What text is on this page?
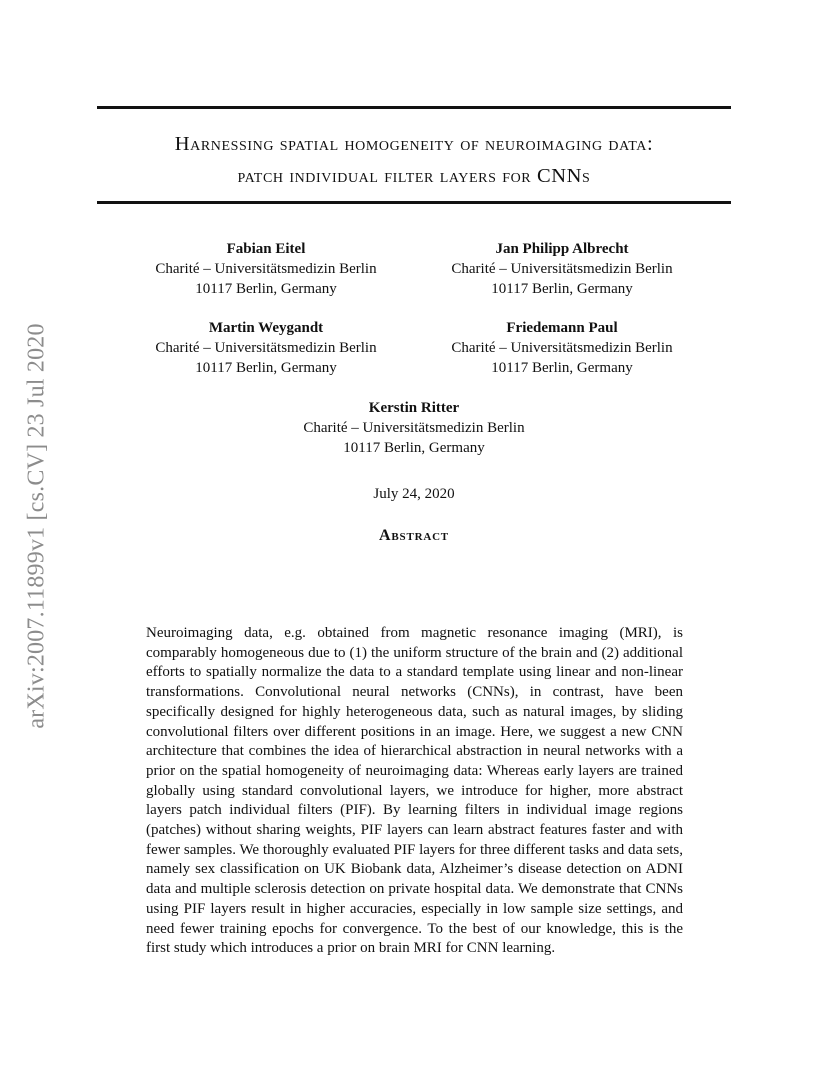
arXiv:2007.11899v1 [cs.CV] 23 Jul 2020
Harnessing spatial homogeneity of neuroimaging data:
patch individual filter layers for CNNs
Fabian Eitel
Charité – Universitätsmedizin Berlin
10117 Berlin, Germany
Jan Philipp Albrecht
Charité – Universitätsmedizin Berlin
10117 Berlin, Germany
Martin Weygandt
Charité – Universitätsmedizin Berlin
10117 Berlin, Germany
Friedemann Paul
Charité – Universitätsmedizin Berlin
10117 Berlin, Germany
Kerstin Ritter
Charité – Universitätsmedizin Berlin
10117 Berlin, Germany
July 24, 2020
Abstract
Neuroimaging data, e.g. obtained from magnetic resonance imaging (MRI), is comparably homogeneous due to (1) the uniform structure of the brain and (2) additional efforts to spatially normalize the data to a standard template using linear and non-linear transformations. Convolutional neural networks (CNNs), in contrast, have been specifically designed for highly heterogeneous data, such as natural images, by sliding convolutional filters over different positions in an image. Here, we suggest a new CNN architecture that combines the idea of hierarchical abstraction in neural networks with a prior on the spatial homogeneity of neuroimaging data: Whereas early layers are trained globally using standard convolutional layers, we introduce for higher, more abstract layers patch individual filters (PIF). By learning filters in individual image regions (patches) without sharing weights, PIF layers can learn abstract features faster and with fewer samples. We thoroughly evaluated PIF layers for three different tasks and data sets, namely sex classification on UK Biobank data, Alzheimer’s disease detection on ADNI data and multiple sclerosis detection on private hospital data. We demonstrate that CNNs using PIF layers result in higher accuracies, especially in low sample size settings, and need fewer training epochs for convergence. To the best of our knowledge, this is the first study which introduces a prior on brain MRI for CNN learning.
